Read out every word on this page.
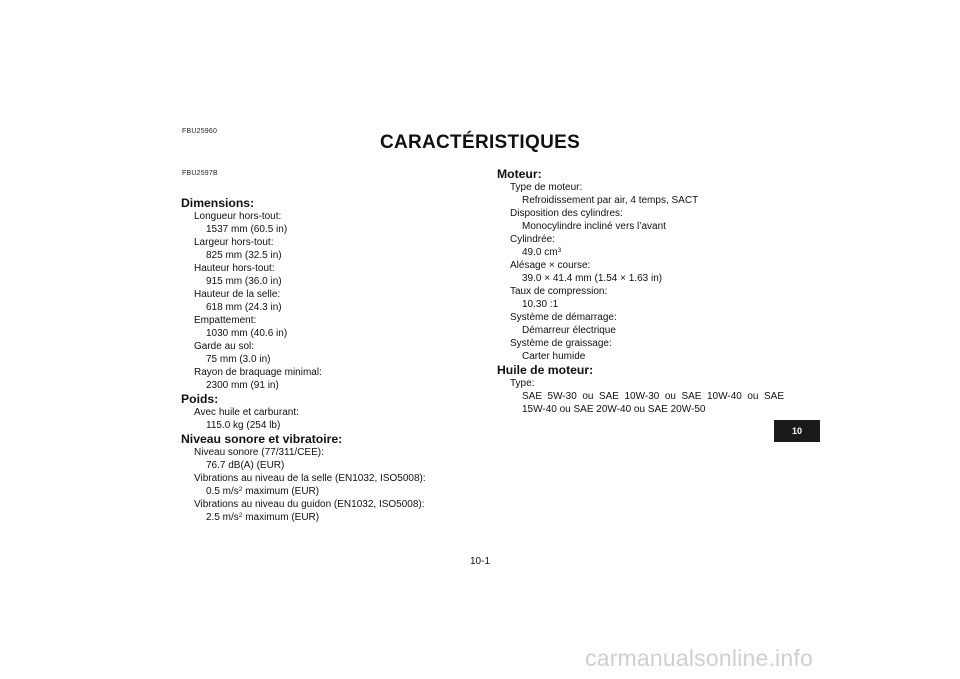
FBU25960
CARACTÉRISTIQUES
FBU2597B
Dimensions:
Longueur hors-tout:
1537 mm (60.5 in)
Largeur hors-tout:
825 mm (32.5 in)
Hauteur hors-tout:
915 mm (36.0 in)
Hauteur de la selle:
618 mm (24.3 in)
Empattement:
1030 mm (40.6 in)
Garde au sol:
75 mm (3.0 in)
Rayon de braquage minimal:
2300 mm (91 in)
Poids:
Avec huile et carburant:
115.0 kg (254 lb)
Niveau sonore et vibratoire:
Niveau sonore (77/311/CEE):
76.7 dB(A) (EUR)
Vibrations au niveau de la selle (EN1032, ISO5008):
0.5 $m/s^2$ maximum (EUR)
Vibrations au niveau du guidon (EN1032, ISO5008):
2.5 $m/s^2$ maximum (EUR)
Moteur:
Type de moteur:
Refroidissement par air, 4 temps, SACT
Disposition des cylindres:
Monocylindre incliné vers l’avant
Cylindrée:
49.0 $cm^3$
Alésage × course:
39.0 × 41.4 mm (1.54 × 1.63 in)
Taux de compression:
10.30 :1
Système de démarrage:
Démarreur électrique
Système de graissage:
Carter humide
Huile de moteur:
Type:
SAE 5W-30 ou SAE 10W-30 ou SAE 10W-40 ou SAE 15W-40 ou SAE 20W-40 ou SAE 20W-50
10
10-1
carmanualsonline.info
